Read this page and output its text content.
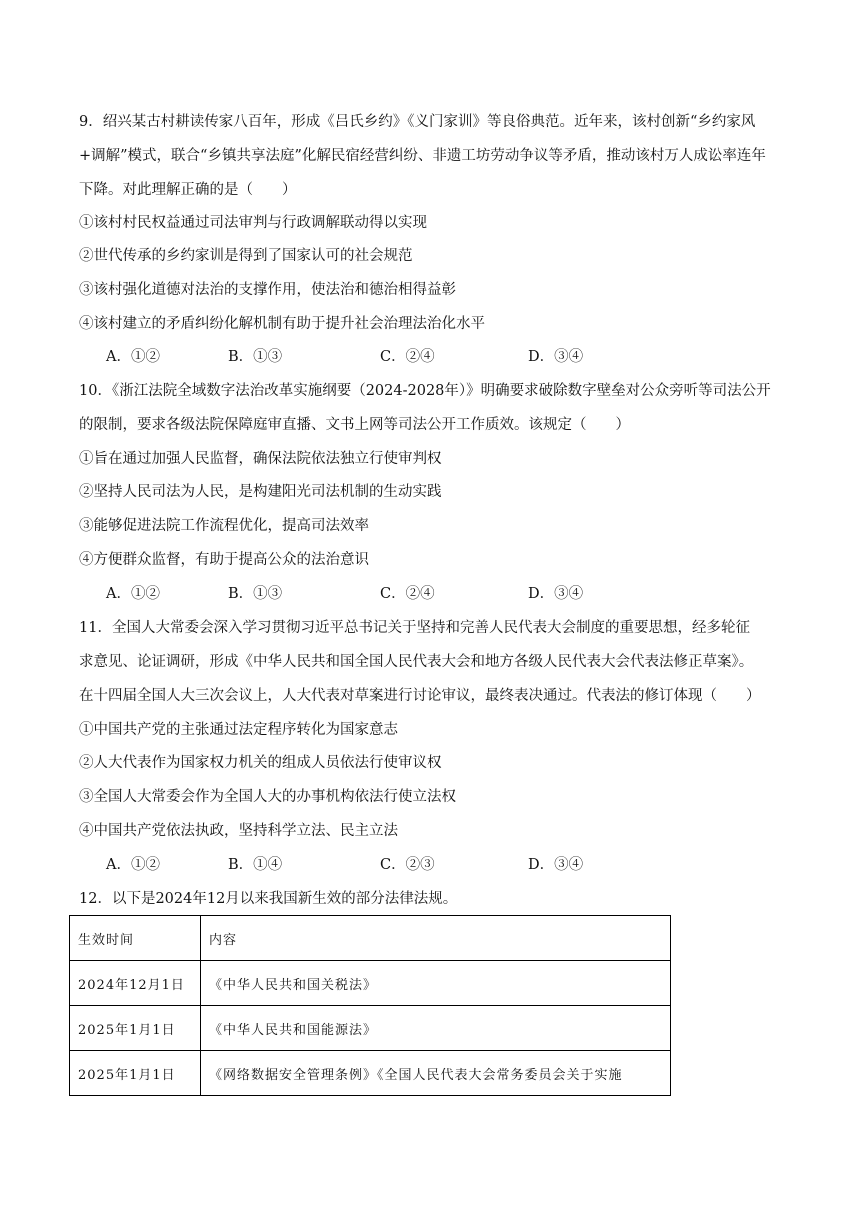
9．绍兴某古村耕读传家八百年，形成《吕氏乡约》《义门家训》等良俗典范。近年来，该村创新“乡约家风
+调解”模式，联合“乡镇共享法庭”化解民宿经营纠纷、非遗工坊劳动争议等矛盾，推动该村万人成讼率连年
下降。对此理解正确的是（　　）
①该村村民权益通过司法审判与行政调解联动得以实现
②世代传承的乡约家训是得到了国家认可的社会规范
③该村强化道德对法治的支撑作用，使法治和德治相得益彰
④该村建立的矛盾纠纷化解机制有助于提升社会治理法治化水平
A．①②	B．①③	C．②④	D．③④
10．《浙江法院全域数字法治改革实施纲要（2024-2028年）》明确要求破除数字壁垒对公众旁听等司法公开
的限制，要求各级法院保障庭审直播、文书上网等司法公开工作质效。该规定（　　）
①旨在通过加强人民监督，确保法院依法独立行使审判权
②坚持人民司法为人民，是构建阳光司法机制的生动实践
③能够促进法院工作流程优化，提高司法效率
④方便群众监督，有助于提高公众的法治意识
A．①②	B．①③	C．②④	D．③④
11．全国人大常委会深入学习贯彻习近平总书记关于坚持和完善人民代表大会制度的重要思想，经多轮征
求意见、论证调研，形成《中华人民共和国全国人民代表大会和地方各级人民代表大会代表法修正草案》。
在十四届全国人大三次会议上，人大代表对草案进行讨论审议，最终表决通过。代表法的修订体现（　　）
①中国共产党的主张通过法定程序转化为国家意志
②人大代表作为国家权力机关的组成人员依法行使审议权
③全国人大常委会作为全国人大的办事机构依法行使立法权
④中国共产党依法执政，坚持科学立法、民主立法
A．①②	B．①④	C．②③	D．③④
12．以下是2024年12月以来我国新生效的部分法律法规。
生效时间	内容
2024年12月1日	《中华人民共和国关税法》
2025年1月1日	《中华人民共和国能源法》
2025年1月1日	《网络数据安全管理条例》《全国人民代表大会常务委员会关于实施
